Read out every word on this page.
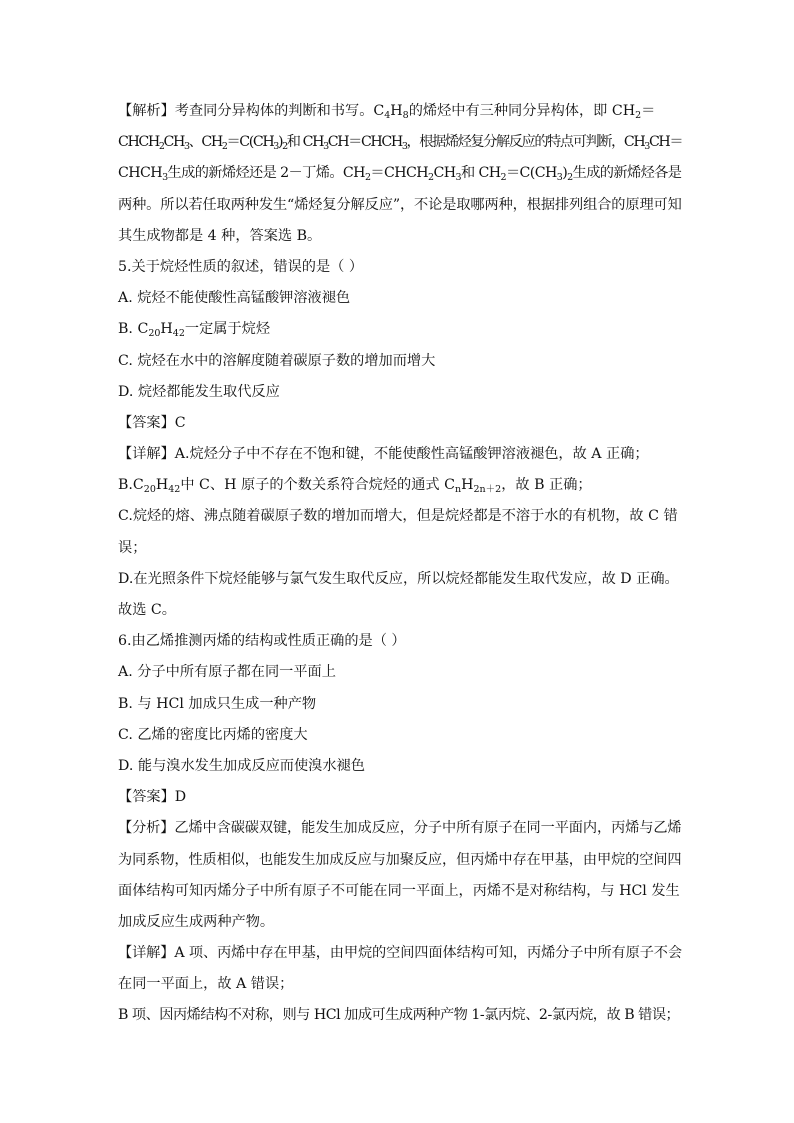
【解析】考查同分异构体的判断和书写。$C_4H_8$的烯烃中有三种同分异构体，即 $CH_2=$
$CHCH_2CH_3$、$CH_2=C(CH_3)_2$和 $CH_3CH=CHCH_3$，根据烯烃复分解反应的特点可判断，$CH_3CH=$
$CHCH_3$生成的新烯烃还是 2－丁烯。$CH_2=CHCH_2CH_3$和 $CH_2=C(CH_3)_2$生成的新烯烃各是
两种。所以若任取两种发生“烯烃复分解反应”，不论是取哪两种，根据排列组合的原理可知
其生成物都是 4 种，答案选 B。
5.关于烷烃性质的叙述，错误的是（ ）
A. 烷烃不能使酸性高锰酸钾溶液褪色
B. $C_{20}H_{42}$一定属于烷烃
C. 烷烃在水中的溶解度随着碳原子数的增加而增大
D. 烷烃都能发生取代反应
【答案】C
【详解】A.烷烃分子中不存在不饱和键，不能使酸性高锰酸钾溶液褪色，故 A 正确；
$B.C_{20}H_{42}$中 C、H 原子的个数关系符合烷烃的通式 $C_nH_{2n+2}$，故 B 正确；
C.烷烃的熔、沸点随着碳原子数的增加而增大，但是烷烃都是不溶于水的有机物，故 C 错
误；
D.在光照条件下烷烃能够与氯气发生取代反应，所以烷烃都能发生取代发应，故 D 正确。
故选 C。
6.由乙烯推测丙烯的结构或性质正确的是（ ）
A. 分子中所有原子都在同一平面上
B. 与 HCl 加成只生成一种产物
C. 乙烯的密度比丙烯的密度大
D. 能与溴水发生加成反应而使溴水褪色
【答案】D
【分析】乙烯中含碳碳双键，能发生加成反应，分子中所有原子在同一平面内，丙烯与乙烯
为同系物，性质相似，也能发生加成反应与加聚反应，但丙烯中存在甲基，由甲烷的空间四
面体结构可知丙烯分子中所有原子不可能在同一平面上，丙烯不是对称结构，与 HCl 发生
加成反应生成两种产物。
【详解】A 项、丙烯中存在甲基，由甲烷的空间四面体结构可知，丙烯分子中所有原子不会
在同一平面上，故 A 错误；
B 项、因丙烯结构不对称，则与 HCl 加成可生成两种产物 1-氯丙烷、2-氯丙烷，故 B 错误；
